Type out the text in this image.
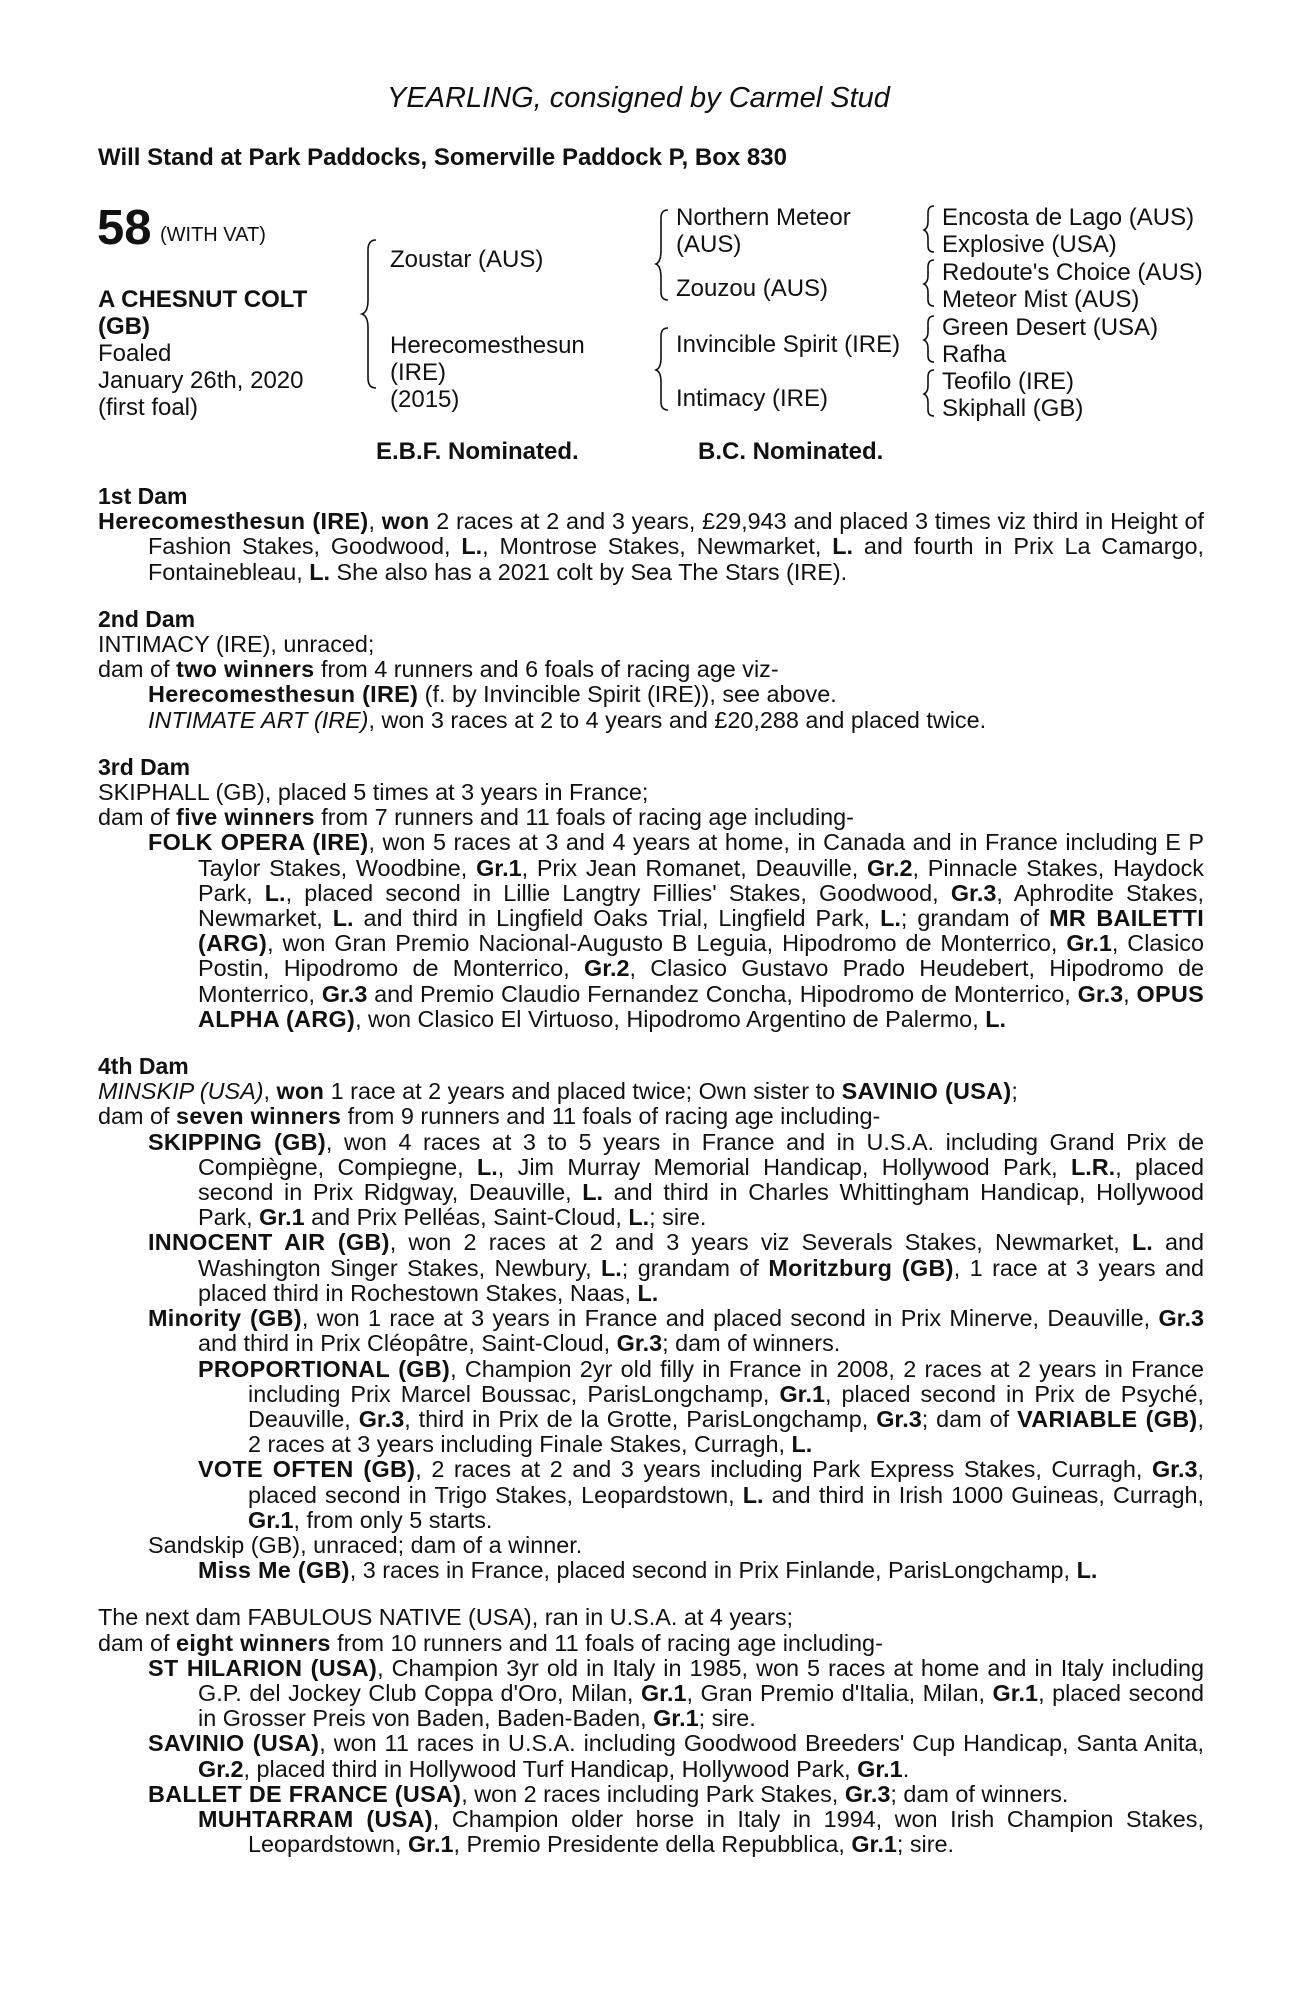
YEARLING, consigned by Carmel Stud
Will Stand at Park Paddocks, Somerville Paddock P, Box 830
58 (WITH VAT)
A CHESNUT COLT
(GB)
Foaled
January 26th, 2020
(first foal)
Zoustar (AUS)
Herecomesthesun
(IRE)
(2015)
Northern Meteor
(AUS)
Zouzou (AUS)
Invincible Spirit (IRE)
Intimacy (IRE)
Encosta de Lago (AUS)
Explosive (USA)
Redoute's Choice (AUS)
Meteor Mist (AUS)
Green Desert (USA)
Rafha
Teofilo (IRE)
Skiphall (GB)
E.B.F. Nominated.	B.C. Nominated.
1st Dam
Herecomesthesun (IRE), won 2 races at 2 and 3 years, £29,943 and placed 3 times viz third in Height of Fashion Stakes, Goodwood, L., Montrose Stakes, Newmarket, L. and fourth in Prix La Camargo, Fontainebleau, L. She also has a 2021 colt by Sea The Stars (IRE).
2nd Dam
INTIMACY (IRE), unraced;
dam of two winners from 4 runners and 6 foals of racing age viz-
Herecomesthesun (IRE) (f. by Invincible Spirit (IRE)), see above.
INTIMATE ART (IRE), won 3 races at 2 to 4 years and £20,288 and placed twice.
3rd Dam
SKIPHALL (GB), placed 5 times at 3 years in France;
dam of five winners from 7 runners and 11 foals of racing age including-
FOLK OPERA (IRE), won 5 races at 3 and 4 years at home, in Canada and in France including E P Taylor Stakes, Woodbine, Gr.1, Prix Jean Romanet, Deauville, Gr.2, Pinnacle Stakes, Haydock Park, L., placed second in Lillie Langtry Fillies' Stakes, Goodwood, Gr.3, Aphrodite Stakes, Newmarket, L. and third in Lingfield Oaks Trial, Lingfield Park, L.; grandam of MR BAILETTI (ARG), won Gran Premio Nacional-Augusto B Leguia, Hipodromo de Monterrico, Gr.1, Clasico Postin, Hipodromo de Monterrico, Gr.2, Clasico Gustavo Prado Heudebert, Hipodromo de Monterrico, Gr.3 and Premio Claudio Fernandez Concha, Hipodromo de Monterrico, Gr.3, OPUS ALPHA (ARG), won Clasico El Virtuoso, Hipodromo Argentino de Palermo, L.
4th Dam
MINSKIP (USA), won 1 race at 2 years and placed twice; Own sister to SAVINIO (USA);
dam of seven winners from 9 runners and 11 foals of racing age including-
SKIPPING (GB), won 4 races at 3 to 5 years in France and in U.S.A. including Grand Prix de Compiègne, Compiegne, L., Jim Murray Memorial Handicap, Hollywood Park, L.R., placed second in Prix Ridgway, Deauville, L. and third in Charles Whittingham Handicap, Hollywood Park, Gr.1 and Prix Pelléas, Saint-Cloud, L.; sire.
INNOCENT AIR (GB), won 2 races at 2 and 3 years viz Severals Stakes, Newmarket, L. and Washington Singer Stakes, Newbury, L.; grandam of Moritzburg (GB), 1 race at 3 years and placed third in Rochestown Stakes, Naas, L.
Minority (GB), won 1 race at 3 years in France and placed second in Prix Minerve, Deauville, Gr.3 and third in Prix Cléopâtre, Saint-Cloud, Gr.3; dam of winners.
PROPORTIONAL (GB), Champion 2yr old filly in France in 2008, 2 races at 2 years in France including Prix Marcel Boussac, ParisLongchamp, Gr.1, placed second in Prix de Psyché, Deauville, Gr.3, third in Prix de la Grotte, ParisLongchamp, Gr.3; dam of VARIABLE (GB), 2 races at 3 years including Finale Stakes, Curragh, L.
VOTE OFTEN (GB), 2 races at 2 and 3 years including Park Express Stakes, Curragh, Gr.3, placed second in Trigo Stakes, Leopardstown, L. and third in Irish 1000 Guineas, Curragh, Gr.1, from only 5 starts.
Sandskip (GB), unraced; dam of a winner.
Miss Me (GB), 3 races in France, placed second in Prix Finlande, ParisLongchamp, L.
The next dam FABULOUS NATIVE (USA), ran in U.S.A. at 4 years;
dam of eight winners from 10 runners and 11 foals of racing age including-
ST HILARION (USA), Champion 3yr old in Italy in 1985, won 5 races at home and in Italy including G.P. del Jockey Club Coppa d'Oro, Milan, Gr.1, Gran Premio d'Italia, Milan, Gr.1, placed second in Grosser Preis von Baden, Baden-Baden, Gr.1; sire.
SAVINIO (USA), won 11 races in U.S.A. including Goodwood Breeders' Cup Handicap, Santa Anita, Gr.2, placed third in Hollywood Turf Handicap, Hollywood Park, Gr.1.
BALLET DE FRANCE (USA), won 2 races including Park Stakes, Gr.3; dam of winners.
MUHTARRAM (USA), Champion older horse in Italy in 1994, won Irish Champion Stakes, Leopardstown, Gr.1, Premio Presidente della Repubblica, Gr.1; sire.
